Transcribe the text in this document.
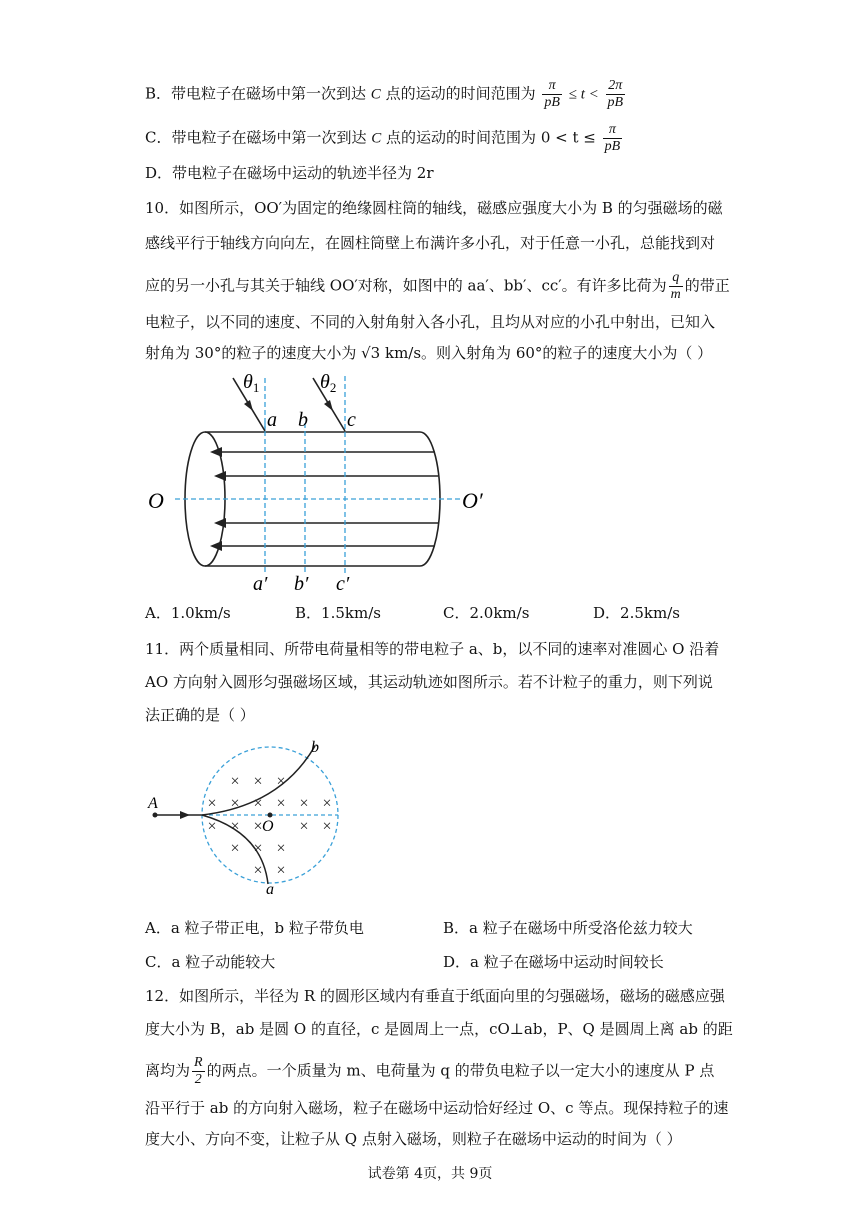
B．带电粒子在磁场中第一次到达 C 点的运动的时间范围为 $\frac{\pi}{pB} \le t < \frac{2\pi}{pB}$
C．带电粒子在磁场中第一次到达 C 点的运动的时间范围为 $0 < t \le \frac{\pi}{pB}$
D．带电粒子在磁场中运动的轨迹半径为 2r
10．如图所示，OO′为固定的绝缘圆柱筒的轴线，磁感应强度大小为 B 的匀强磁场的磁
感线平行于轴线方向向左，在圆柱筒壁上布满许多小孔，对于任意一小孔，总能找到对
应的另一小孔与其关于轴线 OO′对称，如图中的 aa′、bb′、cc′。有许多比荷为 $\frac{q}{m}$ 的带正
电粒子，以不同的速度、不同的入射角射入各小孔，且均从对应的小孔中射出，已知入
射角为 30°的粒子的速度大小为 √3 km/s。则入射角为 60°的粒子的速度大小为（ ）
$\theta_1$	$\theta_2$
a b c
a′ b′ c′
O	O′
A．1.0km/s	B．1.5km/s	C．2.0km/s	D．2.5km/s
11．两个质量相同、所带电荷量相等的带电粒子 a、b，以不同的速率对准圆心 O 沿着
AO 方向射入圆形匀强磁场区域，其运动轨迹如图所示。若不计粒子的重力，则下列说
法正确的是（ ）
× × ×
× × × × × ×
× × × × ×
× × ×
× ×
A
O
b
a
A．a 粒子带正电，b 粒子带负电	B．a 粒子在磁场中所受洛伦兹力较大
C．a 粒子动能较大	D．a 粒子在磁场中运动时间较长
12．如图所示，半径为 R 的圆形区域内有垂直于纸面向里的匀强磁场，磁场的磁感应强
度大小为 B，ab 是圆 O 的直径，c 是圆周上一点，cO⊥ab，P、Q 是圆周上离 ab 的距
离均为 $\frac{R}{2}$ 的两点。一个质量为 m、电荷量为 q 的带负电粒子以一定大小的速度从 P 点
沿平行于 ab 的方向射入磁场，粒子在磁场中运动恰好经过 O、c 等点。现保持粒子的速
度大小、方向不变，让粒子从 Q 点射入磁场，则粒子在磁场中运动的时间为（ ）
试卷第 4页，共 9页
